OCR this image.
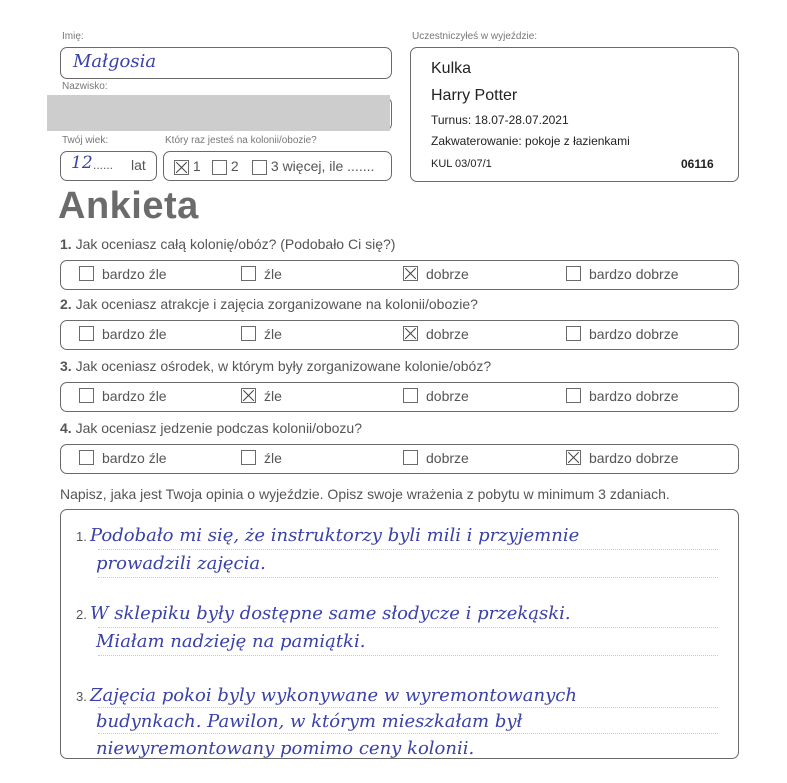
Imię:
Małgosia
Nazwisko:
Twój wiek:
12 ...... lat
Który raz jesteś na kolonii/obozie?
1	2	3 więcej, ile .......
Uczestniczyłeś w wyjeździe:
Kulka
Harry Potter
Turnus: 18.07-28.07.2021
Zakwaterowanie: pokoje z łazienkami
KUL 03/07/1	06116
Ankieta
1. Jak oceniasz całą kolonię/obóz? (Podobało Ci się?)
bardzo źle	źle	dobrze	bardzo dobrze
2. Jak oceniasz atrakcje i zajęcia zorganizowane na kolonii/obozie?
bardzo źle	źle	dobrze	bardzo dobrze
3. Jak oceniasz ośrodek, w którym były zorganizowane kolonie/obóz?
bardzo źle	źle	dobrze	bardzo dobrze
4. Jak oceniasz jedzenie podczas kolonii/obozu?
bardzo źle	źle	dobrze	bardzo dobrze
Napisz, jaka jest Twoja opinia o wyjeździe. Opisz swoje wrażenia z pobytu w minimum 3 zdaniach.
1. Podobało mi się, że instruktorzy byli mili i przyjemnie
prowadzili zajęcia.
2. W sklepiku były dostępne same słodycze i przekąski.
Miałam nadzieję na pamiątki.
3. Zajęcia pokoi byly wykonywane w wyremontowanych
budynkach. Pawilon, w którym mieszkałam był
niewyremontowany pomimo ceny kolonii.
